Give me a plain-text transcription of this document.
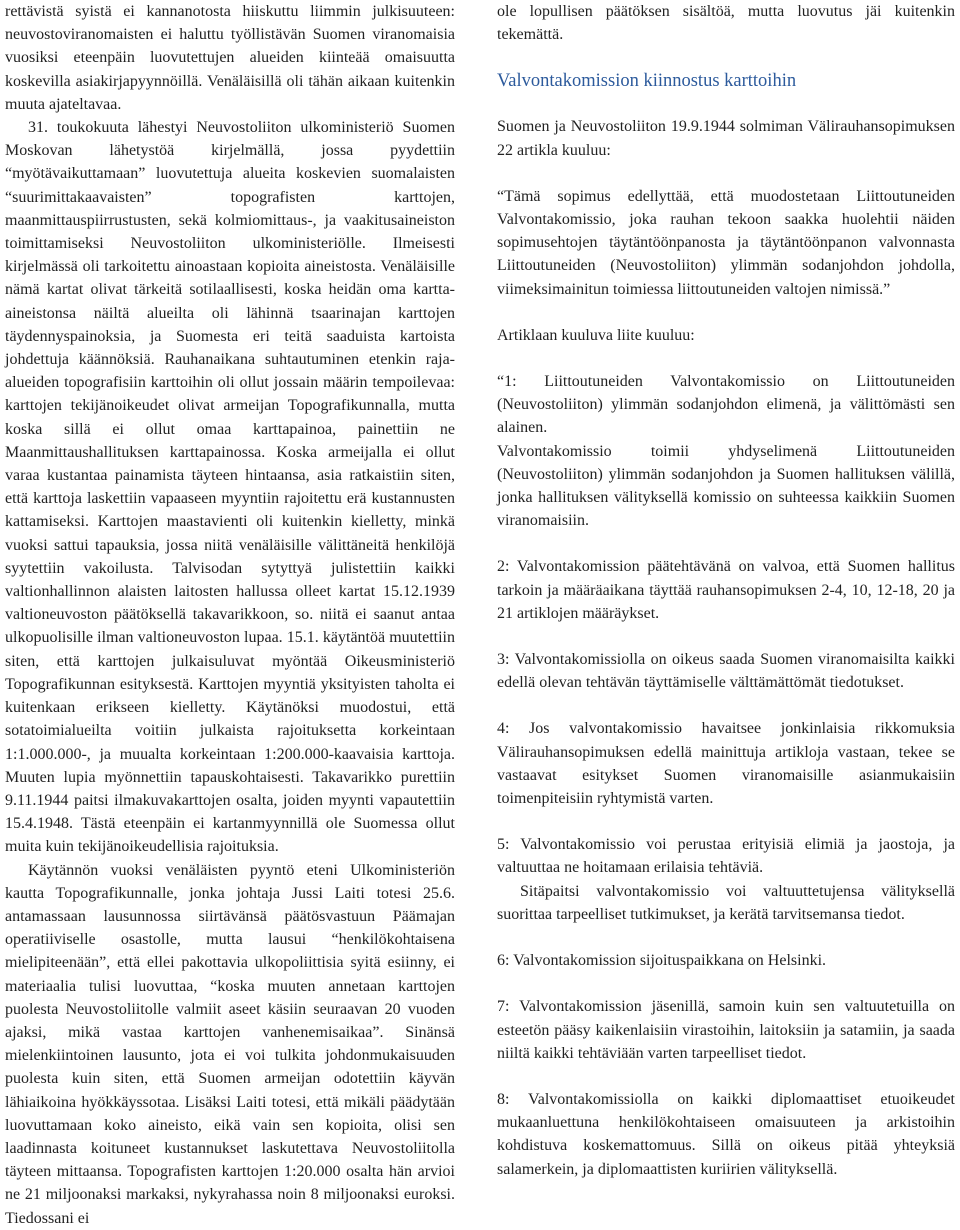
rettävistä syistä ei kannanotosta hiiskuttu liimmin julkisuuteen: neuvostoviranomaisten ei haluttu työllistävän Suomen viranomaisia vuosiksi eteenpäin luovutettujen alueiden kiinteää omaisuutta koskevilla asiakirjapyynnöillä. Venäläisillä oli tähän aikaan kuitenkin muuta ajateltavaa.

31. toukokuuta lähestyi Neuvostoliiton ulkoministeriö Suomen Moskovan lähetystöä kirjelmällä, jossa pyydettiin “myötävaikuttamaan” luovutettuja alueita koskevien suomalaisten “suurimittakaavaisten” topografisten karttojen, maanmittauspiirrustusten, sekä kolmiomittaus-, ja vaakitusaineiston toimittamiseksi Neuvostoliiton ulkoministeriölle. Ilmeisesti kirjelmässä oli tarkoitettu ainoastaan kopioita aineistosta. Venäläisille nämä kartat olivat tärkeitä sotilaallisesti, koska heidän oma kartta-aineistonsa näiltä alueilta oli lähinnä tsaarinajan karttojen täydennyspainoksia, ja Suomesta eri teitä saaduista kartoista johdettuja käännöksiä. Rauhanaikana suhtautuminen etenkin raja-alueiden topografisiin karttoihin oli ollut jossain määrin tempoilevaa: karttojen tekijänoikeudet olivat armeijan Topografikunnalla, mutta koska sillä ei ollut omaa karttapainoa, painettiin ne Maanmittaushallituksen karttapainossa. Koska armeijalla ei ollut varaa kustantaa painamista täyteen hintaansa, asia ratkaistiin siten, että karttoja laskettiin vapaaseen myyntiin rajoitettu erä kustannusten kattamiseksi. Karttojen maastavienti oli kuitenkin kielletty, minkä vuoksi sattui tapauksia, jossa niitä venäläisille välittäneitä henkilöjä syytettiin vakoilusta. Talvisodan sytyttyä julistettiin kaikki valtionhallinnon alaisten laitosten hallussa olleet kartat 15.12.1939 valtioneuvoston päätöksellä takavarikkoon, so. niitä ei saanut antaa ulkopuolisille ilman valtioneuvoston lupaa. 15.1. käytäntöä muutettiin siten, että karttojen julkaisuluvat myöntää Oikeusministeriö Topografikunnan esityksestä. Karttojen myyntiä yksityisten taholta ei kuitenkaan erikseen kielletty. Käytänöksi muodostui, että sotatoimialueilta voitiin julkaista rajoituksetta korkeintaan 1:1.000.000-, ja muualta korkeintaan 1:200.000-kaavaisia karttoja. Muuten lupia myönnettiin tapauskohtaisesti. Takavarikko purettiin 9.11.1944 paitsi ilmakuvakarttojen osalta, joiden myynti vapautettiin 15.4.1948. Tästä eteenpäin ei kartanmyynnillä ole Suomessa ollut muita kuin tekijänoikeudellisia rajoituksia.

Käytännön vuoksi venäläisten pyyntö eteni Ulkoministeriön kautta Topografikunnalle, jonka johtaja Jussi Laiti totesi 25.6. antamassaan lausunnossa siirtävänsä päätösvastuun Päämajan operatiiviselle osastolle, mutta lausui “henkilökohtaisena mielipiteenään”, että ellei pakottavia ulkopoliittisia syitä esiinny, ei materiaalia tulisi luovuttaa, “koska muuten annetaan karttojen puolesta Neuvostoliitolle valmiit aseet käsiin seuraavan 20 vuoden ajaksi, mikä vastaa karttojen vanhenemisaikaa”. Sinänsä mielenkiintoinen lausunto, jota ei voi tulkita johdonmukaisuuden puolesta kuin siten, että Suomen armeijan odotettiin käyvän lähiaikoina hyökkäyssotaa. Lisäksi Laiti totesi, että mikäli päädytään luovuttamaan koko aineisto, eikä vain sen kopioita, olisi sen laadinnasta koituneet kustannukset laskutettava Neuvostoliitolla täyteen mittaansa. Topografisten karttojen 1:20.000 osalta hän arvioi ne 21 miljoonaksi markaksi, nykyrahassa noin 8 miljoonaksi euroksi. Tiedossani ei

ole lopullisen päätöksen sisältöä, mutta luovutus jäi kuitenkin tekemättä.

Valvontakomission kiinnostus karttoihin

Suomen ja Neuvostoliiton 19.9.1944 solmiman Välirauhansopimuksen 22 artikla kuuluu:

“Tämä sopimus edellyttää, että muodostetaan Liittoutuneiden Valvontakomissio, joka rauhan tekoon saakka huolehtii näiden sopimusehtojen täytäntöönpanosta ja täytäntöönpanon valvonnasta Liittoutuneiden (Neuvostoliiton) ylimmän sodanjohdon johdolla, viimeksimainitun toimiessa liittoutuneiden valtojen nimissä.”

Artiklaan kuuluva liite kuuluu:

“1: Liittoutuneiden Valvontakomissio on Liittoutuneiden (Neuvostoliiton) ylimmän sodanjohdon elimenä, ja välittömästi sen alainen.

Valvontakomissio toimii yhdyselimenä Liittoutuneiden (Neuvostoliiton) ylimmän sodanjohdon ja Suomen hallituksen välillä, jonka hallituksen välityksellä komissio on suhteessa kaikkiin Suomen viranomaisiin.

2: Valvontakomission päätehtävänä on valvoa, että Suomen hallitus tarkoin ja määräaikana täyttää rauhansopimuksen 2-4, 10, 12-18, 20 ja 21 artiklojen määräykset.

3: Valvontakomissiolla on oikeus saada Suomen viranomaisilta kaikki edellä olevan tehtävän täyttämiselle välttämättömät tiedotukset.

4: Jos valvontakomissio havaitsee jonkinlaisia rikkomuksia Välirauhansopimuksen edellä mainittuja artikloja vastaan, tekee se vastaavat esitykset Suomen viranomaisille asianmukaisiin toimenpiteisiin ryhtymistä varten.

5: Valvontakomissio voi perustaa erityisiä elimiä ja jaostoja, ja valtuuttaa ne hoitamaan erilaisia tehtäviä.

Sitäpaitsi valvontakomissio voi valtuuttetujensa välityksellä suorittaa tarpeelliset tutkimukset, ja kerätä tarvitsemansa tiedot.

6: Valvontakomission sijoituspaikkana on Helsinki.

7: Valvontakomission jäsenillä, samoin kuin sen valtuutetuilla on esteetön pääsy kaikenlaisiin virastoihin, laitoksiin ja satamiin, ja saada niiltä kaikki tehtäviään varten tarpeelliset tiedot.

8: Valvontakomissiolla on kaikki diplomaattiset etuoikeudet mukaanluettuna henkilökohtaiseen omaisuuteen ja arkistoihin kohdistuva koskemattomuus. Sillä on oikeus pitää yhteyksiä salamerkein, ja diplomaattisten kuriirien välityksellä.
